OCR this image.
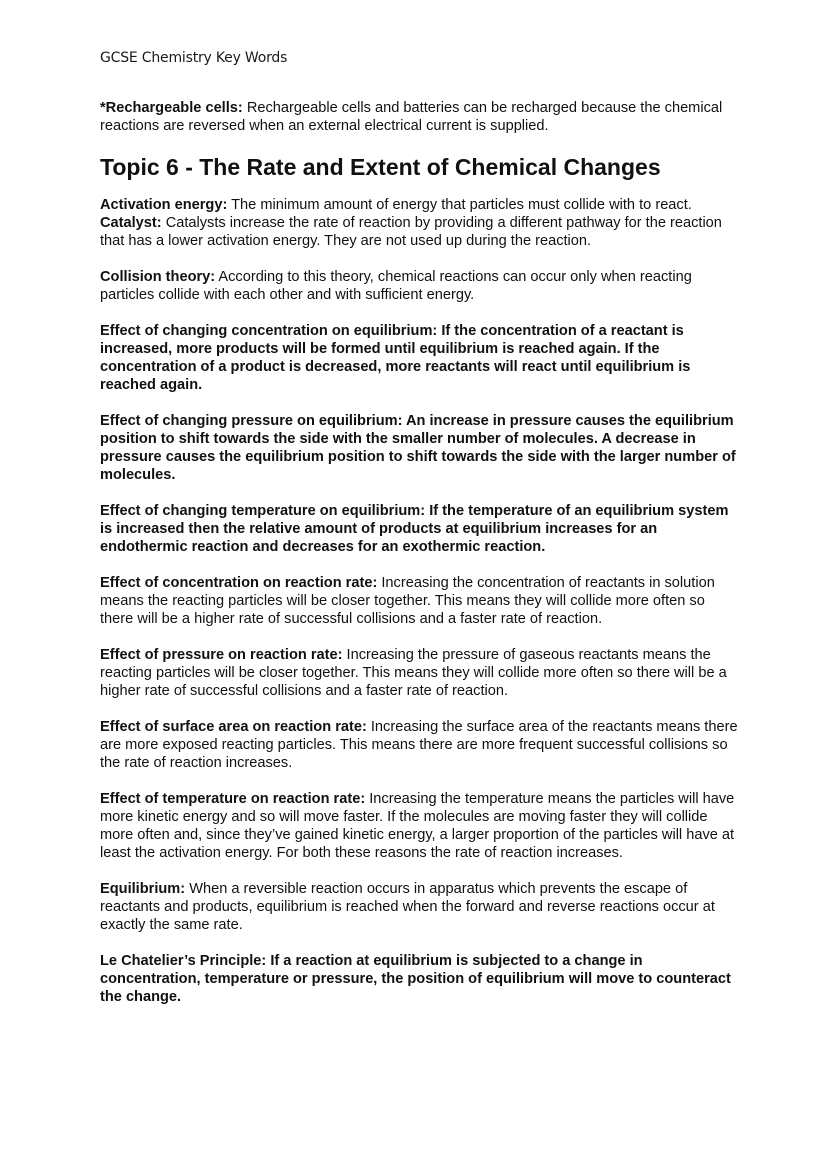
GCSE Chemistry Key Words

*Rechargeable cells: Rechargeable cells and batteries can be recharged because the chemical reactions are reversed when an external electrical current is supplied.

Topic 6 - The Rate and Extent of Chemical Changes

Activation energy: The minimum amount of energy that particles must collide with to react.

Catalyst: Catalysts increase the rate of reaction by providing a different pathway for the reaction that has a lower activation energy. They are not used up during the reaction.

Collision theory: According to this theory, chemical reactions can occur only when reacting particles collide with each other and with sufficient energy.

Effect of changing concentration on equilibrium: If the concentration of a reactant is increased, more products will be formed until equilibrium is reached again. If the concentration of a product is decreased, more reactants will react until equilibrium is reached again.

Effect of changing pressure on equilibrium: An increase in pressure causes the equilibrium position to shift towards the side with the smaller number of molecules. A decrease in pressure causes the equilibrium position to shift towards the side with the larger number of molecules.

Effect of changing temperature on equilibrium: If the temperature of an equilibrium system is increased then the relative amount of products at equilibrium increases for an endothermic reaction and decreases for an exothermic reaction.

Effect of concentration on reaction rate: Increasing the concentration of reactants in solution means the reacting particles will be closer together. This means they will collide more often so there will be a higher rate of successful collisions and a faster rate of reaction.

Effect of pressure on reaction rate: Increasing the pressure of gaseous reactants means the reacting particles will be closer together. This means they will collide more often so there will be a higher rate of successful collisions and a faster rate of reaction.

Effect of surface area on reaction rate: Increasing the surface area of the reactants means there are more exposed reacting particles. This means there are more frequent successful collisions so the rate of reaction increases.

Effect of temperature on reaction rate: Increasing the temperature means the particles will have more kinetic energy and so will move faster. If the molecules are moving faster they will collide more often and, since they’ve gained kinetic energy, a larger proportion of the particles will have at least the activation energy. For both these reasons the rate of reaction increases.

Equilibrium: When a reversible reaction occurs in apparatus which prevents the escape of reactants and products, equilibrium is reached when the forward and reverse reactions occur at exactly the same rate.

Le Chatelier’s Principle: If a reaction at equilibrium is subjected to a change in concentration, temperature or pressure, the position of equilibrium will move to counteract the change.
